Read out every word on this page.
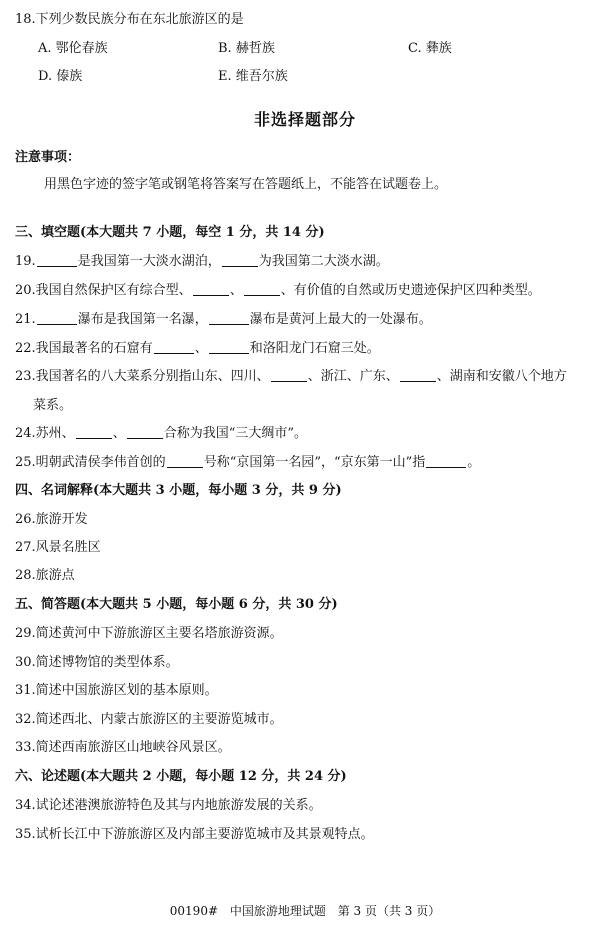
18.下列少数民族分布在东北旅游区的是
A. 鄂伦春族	B. 赫哲族	C. 彝族
D. 傣族	E. 维吾尔族
非选择题部分
注意事项：
用黑色字迹的签字笔或钢笔将答案写在答题纸上，不能答在试题卷上。
三、填空题(本大题共 7 小题，每空 1 分，共 14 分)
19.	是我国第一大淡水湖泊，	为我国第二大淡水湖。
20.我国自然保护区有综合型、	、	、有价值的自然或历史遗迹保护区四种类型。
21.	瀑布是我国第一名瀑，	瀑布是黄河上最大的一处瀑布。
22.我国最著名的石窟有	、	和洛阳龙门石窟三处。
23.我国著名的八大菜系分别指山东、四川、	、浙江、广东、	、湖南和安徽八个地方
菜系。
24.苏州、	、	合称为我国“三大绸市”。
25.明朝武清侯李伟首创的	号称“京国第一名园”，“京东第一山”指	。
四、名词解释(本大题共 3 小题，每小题 3 分，共 9 分)
26.旅游开发
27.风景名胜区
28.旅游点
五、简答题(本大题共 5 小题，每小题 6 分，共 30 分)
29.简述黄河中下游旅游区主要名塔旅游资源。
30.简述博物馆的类型体系。
31.简述中国旅游区划的基本原则。
32.简述西北、内蒙古旅游区的主要游览城市。
33.简述西南旅游区山地峡谷风景区。
六、论述题(本大题共 2 小题，每小题 12 分，共 24 分)
34.试论述港澳旅游特色及其与内地旅游发展的关系。
35.试析长江中下游旅游区及内部主要游览城市及其景观特点。
00190# 中国旅游地理试题 第 3 页（共 3 页）
